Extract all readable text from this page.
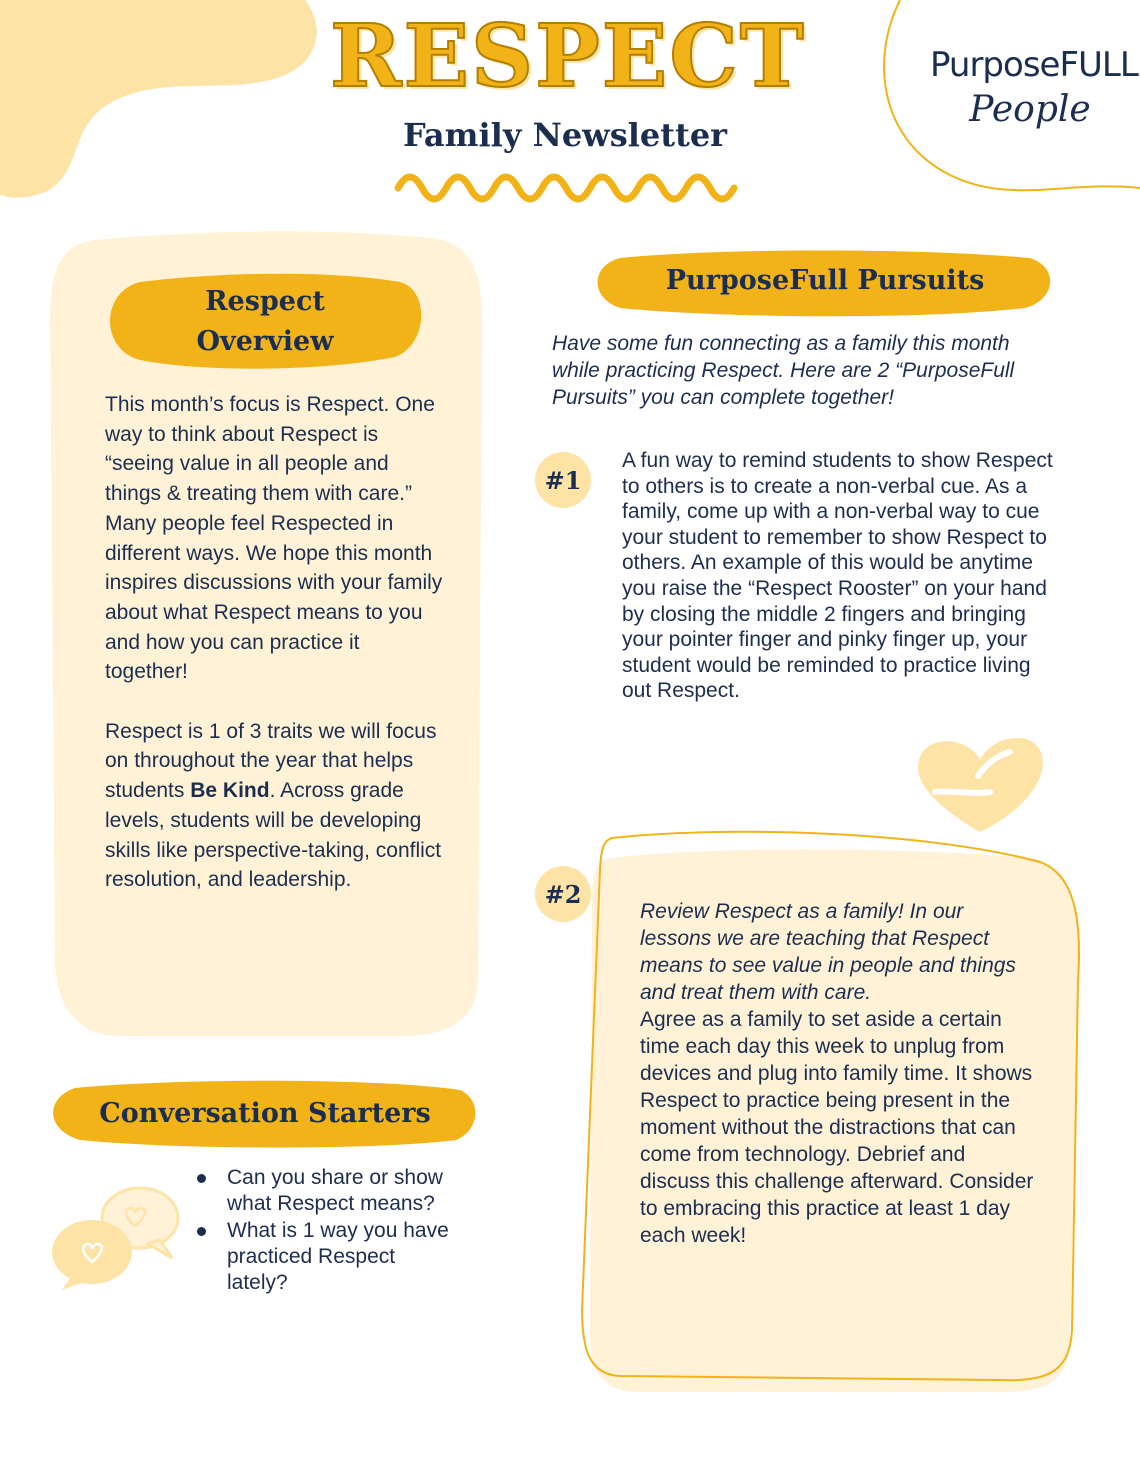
RESPECT
Family Newsletter
PurposeFULL
People
Respect
Overview

This month’s focus is Respect. One way to think about Respect is “seeing value in all people and things & treating them with care.” Many people feel Respected in different ways. We hope this month inspires discussions with your family about what Respect means to you and how you can practice it together!

Respect is 1 of 3 traits we will focus on throughout the year that helps students Be Kind. Across grade levels, students will be developing skills like perspective-taking, conflict resolution, and leadership.

PurposeFull Pursuits
Have some fun connecting as a family this month while practicing Respect. Here are 2 “PurposeFull Pursuits” you can complete together!
#1
A fun way to remind students to show Respect to others is to create a non-verbal cue. As a family, come up with a non-verbal way to cue your student to remember to show Respect to others. An example of this would be anytime you raise the “Respect Rooster” on your hand by closing the middle 2 fingers and bringing your pointer finger and pinky finger up, your student would be reminded to practice living out Respect.
#2
Review Respect as a family! In our lessons we are teaching that Respect means to see value in people and things and treat them with care.
Agree as a family to set aside a certain time each day this week to unplug from devices and plug into family time. It shows Respect to practice being present in the moment without the distractions that can come from technology. Debrief and discuss this challenge afterward. Consider to embracing this practice at least 1 day each week!
Conversation Starters
Can you share or show what Respect means?
What is 1 way you have practiced Respect lately?
